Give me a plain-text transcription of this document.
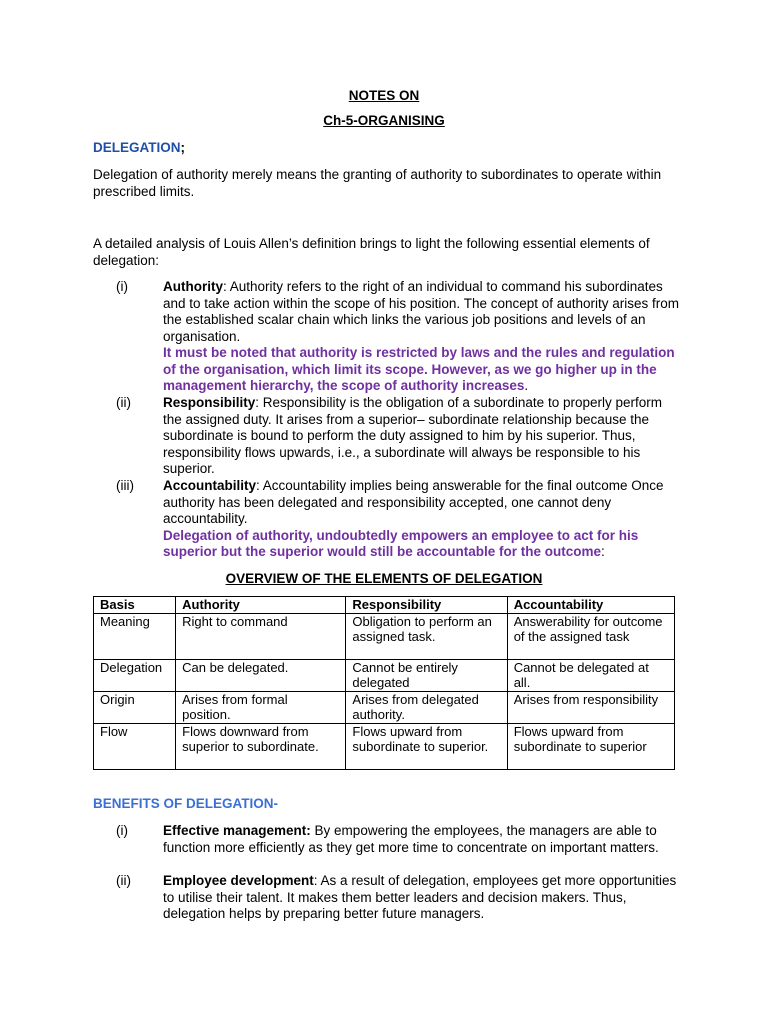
NOTES ON
Ch-5-ORGANISING
DELEGATION;
Delegation of authority merely means the granting of authority to subordinates to operate within prescribed limits.
A detailed analysis of Louis Allen’s definition brings to light the following essential elements of delegation:
(i)	Authority: Authority refers to the right of an individual to command his subordinates and to take action within the scope of his position. The concept of authority arises from the established scalar chain which links the various job positions and levels of an organisation.
It must be noted that authority is restricted by laws and the rules and regulation of the organisation, which limit its scope. However, as we go higher up in the management hierarchy, the scope of authority increases.
(ii)	Responsibility: Responsibility is the obligation of a subordinate to properly perform the assigned duty. It arises from a superior– subordinate relationship because the subordinate is bound to perform the duty assigned to him by his superior. Thus, responsibility flows upwards, i.e., a subordinate will always be responsible to his superior.
(iii)	Accountability: Accountability implies being answerable for the final outcome Once authority has been delegated and responsibility accepted, one cannot deny accountability.
Delegation of authority, undoubtedly empowers an employee to act for his superior but the superior would still be accountable for the outcome:
OVERVIEW OF THE ELEMENTS OF DELEGATION
Basis	Authority	Responsibility	Accountability
Meaning	Right to command	Obligation to perform an assigned task.	Answerability for outcome of the assigned task
Delegation	Can be delegated.	Cannot be entirely delegated	Cannot be delegated at all.
Origin	Arises from formal position.	Arises from delegated authority.	Arises from responsibility
Flow	Flows downward from superior to subordinate.	Flows upward from subordinate to superior.	Flows upward from subordinate to superior
BENEFITS OF DELEGATION-
(i)	Effective management: By empowering the employees, the managers are able to function more efficiently as they get more time to concentrate on important matters.
(ii)	Employee development: As a result of delegation, employees get more opportunities to utilise their talent. It makes them better leaders and decision makers. Thus, delegation helps by preparing better future managers.
